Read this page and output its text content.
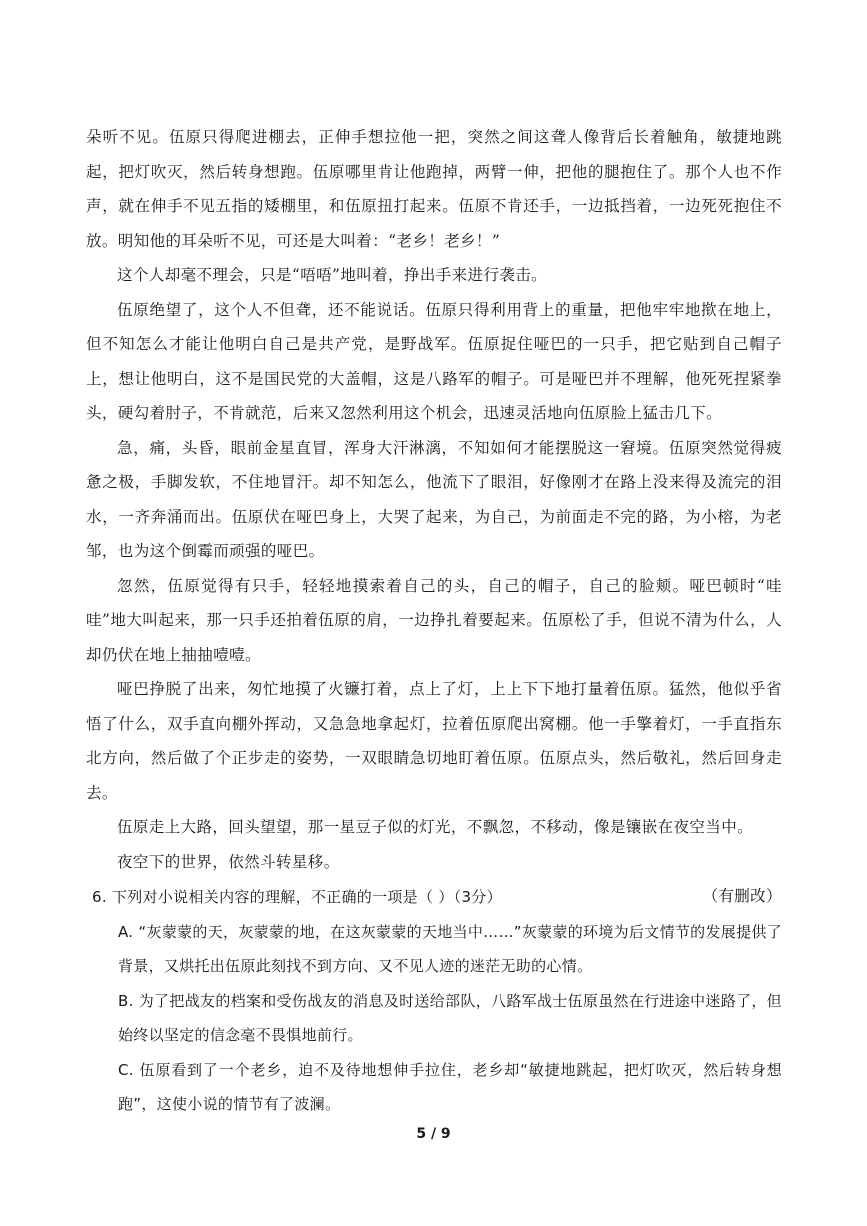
朵听不见。伍原只得爬进棚去，正伸手想拉他一把，突然之间这聋人像背后长着触角，敏捷地跳起，把灯吹灭，然后转身想跑。伍原哪里肯让他跑掉，两臂一伸，把他的腿抱住了。那个人也不作声，就在伸手不见五指的矮棚里，和伍原扭打起来。伍原不肯还手，一边抵挡着，一边死死抱住不放。明知他的耳朵听不见，可还是大叫着：“老乡！老乡！”

这个人却毫不理会，只是“唔唔”地叫着，挣出手来进行袭击。

伍原绝望了，这个人不但聋，还不能说话。伍原只得利用背上的重量，把他牢牢地揿在地上，但不知怎么才能让他明白自己是共产党，是野战军。伍原捉住哑巴的一只手，把它贴到自己帽子上，想让他明白，这不是国民党的大盖帽，这是八路军的帽子。可是哑巴并不理解，他死死捏紧拳头，硬勾着肘子，不肯就范，后来又忽然利用这个机会，迅速灵活地向伍原脸上猛击几下。

急，痛，头昏，眼前金星直冒，浑身大汗淋漓，不知如何才能摆脱这一窘境。伍原突然觉得疲惫之极，手脚发软，不住地冒汗。却不知怎么，他流下了眼泪，好像刚才在路上没来得及流完的泪水，一齐奔涌而出。伍原伏在哑巴身上，大哭了起来，为自己，为前面走不完的路，为小榕，为老邹，也为这个倒霉而顽强的哑巴。

忽然，伍原觉得有只手，轻轻地摸索着自己的头，自己的帽子，自己的脸颊。哑巴顿时“哇哇”地大叫起来，那一只手还拍着伍原的肩，一边挣扎着要起来。伍原松了手，但说不清为什么，人却仍伏在地上抽抽噎噎。

哑巴挣脱了出来，匆忙地摸了火镰打着，点上了灯，上上下下地打量着伍原。猛然，他似乎省悟了什么，双手直向棚外挥动，又急急地拿起灯，拉着伍原爬出窝棚。他一手擎着灯，一手直指东北方向，然后做了个正步走的姿势，一双眼睛急切地盯着伍原。伍原点头，然后敬礼，然后回身走去。

伍原走上大路，回头望望，那一星豆子似的灯光，不飘忽，不移动，像是镶嵌在夜空当中。

夜空下的世界，依然斗转星移。

（有删改）

6. 下列对小说相关内容的理解，不正确的一项是（ ）（3分）

A. “灰蒙蒙的天，灰蒙蒙的地，在这灰蒙蒙的天地当中……”灰蒙蒙的环境为后文情节的发展提供了背景，又烘托出伍原此刻找不到方向、又不见人迹的迷茫无助的心情。

B. 为了把战友的档案和受伤战友的消息及时送给部队，八路军战士伍原虽然在行进途中迷路了，但始终以坚定的信念毫不畏惧地前行。

C. 伍原看到了一个老乡，迫不及待地想伸手拉住，老乡却“敏捷地跳起，把灯吹灭，然后转身想跑”，这使小说的情节有了波澜。

5 / 9
